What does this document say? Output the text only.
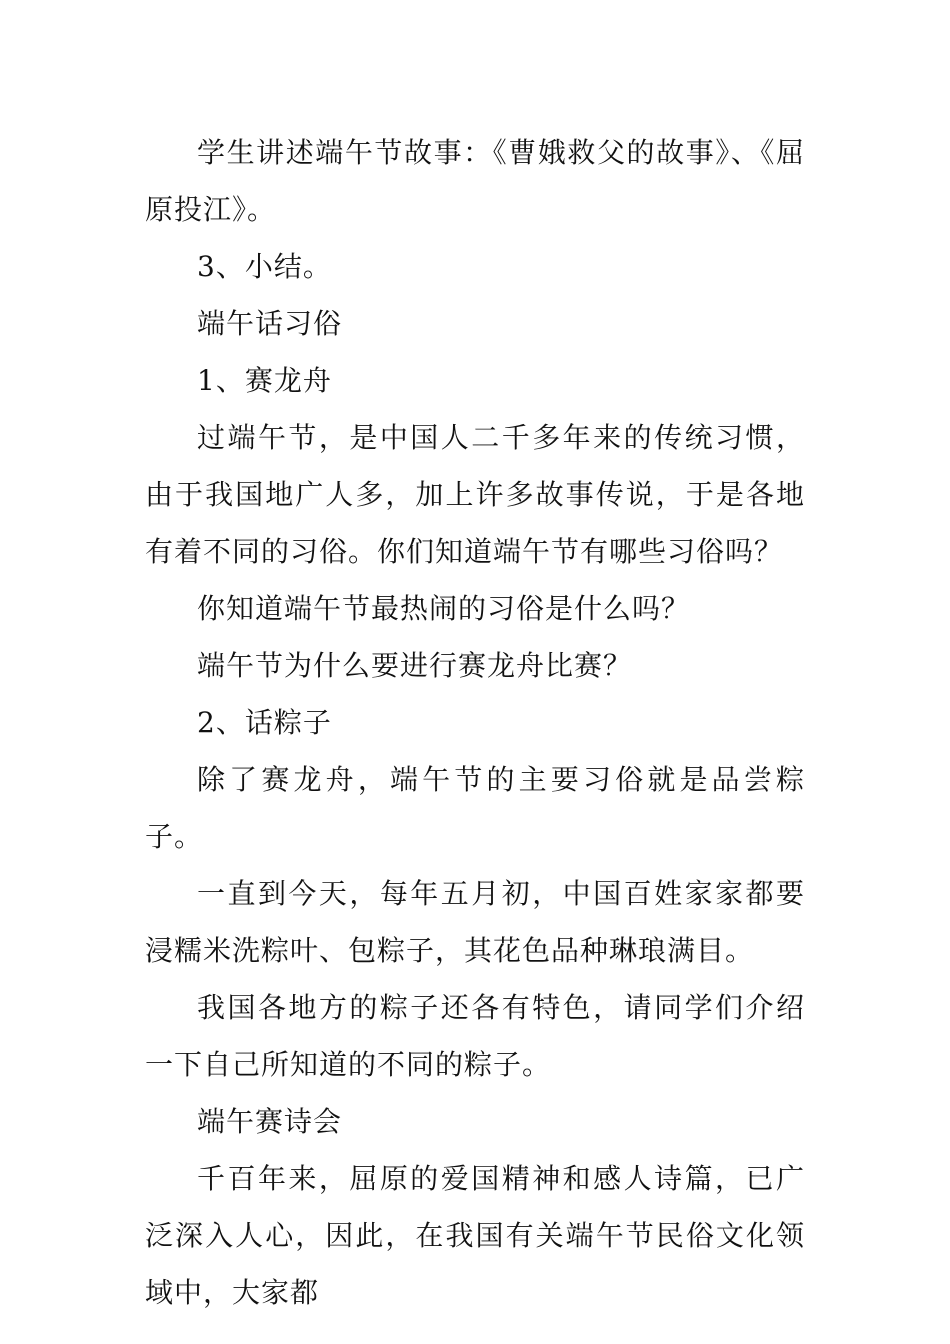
学生讲述端午节故事：《曹娥救父的故事》、《屈原投江》。

3、小结。

端午话习俗

1、赛龙舟

过端午节，是中国人二千多年来的传统习惯，由于我国地广人多，加上许多故事传说，于是各地有着不同的习俗。你们知道端午节有哪些习俗吗？

你知道端午节最热闹的习俗是什么吗？

端午节为什么要进行赛龙舟比赛？

2、话粽子

除了赛龙舟，端午节的主要习俗就是品尝粽子。

一直到今天，每年五月初，中国百姓家家都要浸糯米洗粽叶、包粽子，其花色品种琳琅满目。

我国各地方的粽子还各有特色，请同学们介绍一下自己所知道的不同的粽子。

端午赛诗会

千百年来，屈原的爱国精神和感人诗篇，已广泛深入人心，因此，在我国有关端午节民俗文化领域中，大家都
